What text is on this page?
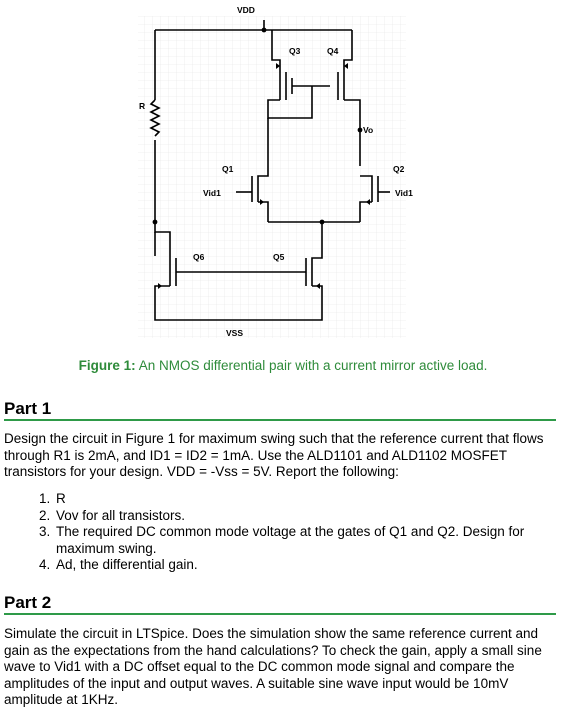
VDD
VSS
R
Q1	Q2
Q3	Q4
Q5
Q6
Vid1	Vid1
Vo
Figure 1: An NMOS differential pair with a current mirror active load.
Part 1
Design the circuit in Figure 1 for maximum swing such that the reference current that flows through R1 is 2mA, and ID1 = ID2 = 1mA. Use the ALD1101 and ALD1102 MOSFET transistors for your design. VDD = -Vss = 5V. Report the following:
1. R
2. Vov for all transistors.
3. The required DC common mode voltage at the gates of Q1 and Q2. Design for maximum swing.
4. Ad, the differential gain.
Part 2
Simulate the circuit in LTSpice. Does the simulation show the same reference current and gain as the expectations from the hand calculations? To check the gain, apply a small sine wave to Vid1 with a DC offset equal to the DC common mode signal and compare the amplitudes of the input and output waves. A suitable sine wave input would be 10mV amplitude at 1KHz.
